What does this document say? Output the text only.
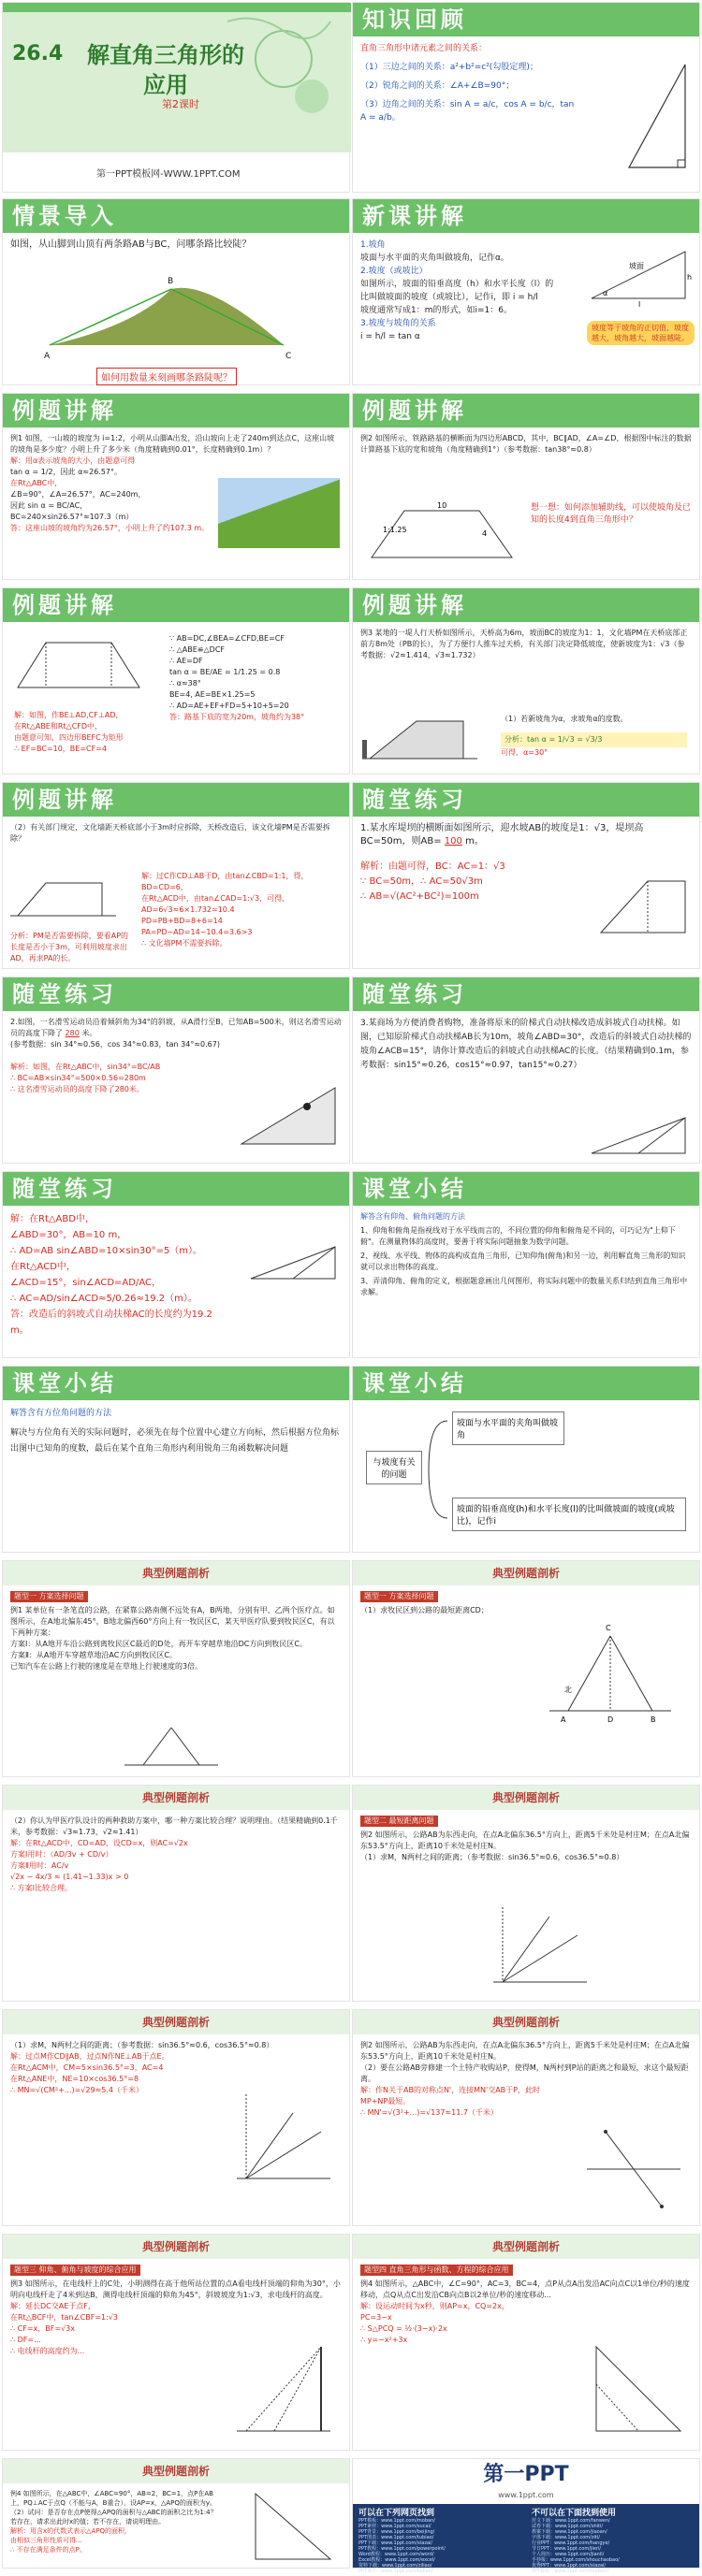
26.4 解直角三角形的
应用
第2课时
第一PPT模板网-WWW.1PPT.COM
知识回顾
直角三角形中诸元素之间的关系：
（1）三边之间的关系：a²+b²=c²(勾股定理)；
（2）锐角之间的关系：∠A+∠B=90°；
（3）边角之间的关系：sin A = a/c，cos A = b/c，tan A = a/b。
情景导入
如图，从山脚到山顶有两条路AB与BC，问哪条路比较陡？
A
B
C
如何用数量来刻画哪条路陡呢？
新课讲解
1.坡角
坡面与水平面的夹角叫做坡角，记作α。
2.坡度（或坡比）
如图所示，坡面的铅垂高度（h）和水平长度（l）的比叫做坡面的坡度（或坡比），记作i，即 i = h/l
坡度通常写成1：m的形式，如i=1：6。
3.坡度与坡角的关系
i = h/l = tan α
坡面
h
l
α
坡度等于坡角的正切值，坡度越大，坡角越大，坡面越陡。
例题讲解
例1 如图，一山坡的坡度为 i=1:2，小明从山脚A出发，沿山坡向上走了240m到达点C，这座山坡的坡角是多少度？小明上升了多少米（角度精确到0.01°，长度精确到0.1m）？
解：用α表示坡角的大小，由题意可得
tan α = 1/2，因此 α≈26.57°。
在Rt△ABC中，
∠B=90°，∠A=26.57°，AC=240m，
因此 sin α = BC/AC，
BC=240×sin26.57°≈107.3（m）
答：这座山坡的坡角约为26.57°，小明上升了约107.3 m。
例题讲解
例2 如图所示，铁路路基的横断面为四边形ABCD，其中，BC∥AD，∠A=∠D，根据图中标注的数据计算路基下底的宽和坡角（角度精确到1°）（参考数据：tan38°≈0.8）
10
1:1.25	4
想一想：如何添加辅助线，可以使坡角及已知的长度4到直角三角形中？
例题讲解
∵ AB=DC,∠BEA=∠CFD,BE=CF
∴ △ABE≌△DCF
∴ AE=DF
tan α = BE/AE = 1/1.25 = 0.8
∴ α≈38°
BE=4, AE=BE×1.25=5
∴ AD=AE+EF+FD=5+10+5=20
答：路基下底的宽为20m，坡角约为38°
解：如图，作BE⊥AD,CF⊥AD,
在Rt△ABE和Rt△CFD中，
由题意可知，四边形BEFC为矩形
∴ EF=BC=10，BE=CF=4
例题讲解
例3 某地的一堤人行天桥如图所示，天桥高为6m，坡面BC的坡度为1：1，文化墙PM在天桥底部正前方8m处（PB的长），为了方便行人推车过天桥，有关部门决定降低坡度，使新坡度为1：√3（参考数据：√2≈1.414，√3≈1.732）
（1）若新坡角为α，求坡角α的度数。
分析：tan α = 1/√3 = √3/3
可得，α=30°
例题讲解
（2）有关部门规定，文化墙距天桥底部小于3m时应拆除，天桥改造后，该文化墙PM是否需要拆除？
解：过C作CD⊥AB于D，由tan∠CBD=1:1，得，BD=CD=6，
在Rt△ACD中，由tan∠CAD=1:√3，可得，AD=6√3≈6×1.732=10.4
PD=PB+BD=8+6=14
PA=PD−AD=14−10.4=3.6>3
∴ 文化墙PM不需要拆除。
分析：PM是否需要拆除，要看AP的长度是否小于3m，可利用坡度求出AD，再求PA的长。
随堂练习
1.某水库堤坝的横断面如图所示，迎水坡AB的坡度是1：√3，堤坝高BC=50m，则AB= 100 m。
解析：由题可得，BC：AC=1：√3
∵ BC=50m，∴ AC=50√3m
∴ AB=√(AC²+BC²)=100m
随堂练习
2.如图，一名滑雪运动员沿着倾斜角为34°的斜坡，从A滑行至B，已知AB=500米，则这名滑雪运动员的高度下降了 280 米。
(参考数据：sin 34°≈0.56，cos 34°≈0.83，tan 34°≈0.67)
解析：如图，在Rt△ABC中，sin34°=BC/AB
∴ BC=AB×sin34°=500×0.56=280m
∴ 这名滑雪运动员的高度下降了280米。
随堂练习
3.某商场为方便消费者购物，准备将原来的阶梯式自动扶梯改造成斜坡式自动扶梯。如图，已知原阶梯式自动扶梯AB长为10m，坡角∠ABD=30°，改造后的斜坡式自动扶梯的坡角∠ACB=15°，请你计算改造后的斜坡式自动扶梯AC的长度。（结果精确到0.1m，参考数据：sin15°≈0.26，cos15°≈0.97，tan15°≈0.27）
随堂练习
解：在Rt△ABD中，
∠ABD=30°，AB=10 m，
∴ AD=AB sin∠ABD=10×sin30°=5（m）。
在Rt△ACD中，
∠ACD=15°，sin∠ACD=AD/AC，
∴ AC=AD/sin∠ACD≈5/0.26≈19.2（m）。
答：改造后的斜坡式自动扶梯AC的长度约为19.2 m。
课堂小结
解答含有仰角、俯角问题的方法
1、仰角和俯角是指视线对于水平线而言的，不同位置的仰角和俯角是不同的，可巧记为"上仰下俯"。在测量物体的高度时，要善于将实际问题抽象为数学问题。
2、视线、水平线、物体的高构成直角三角形，已知仰角(俯角)和另一边，利用解直角三角形的知识就可以求出物体的高度。
3、弄清仰角、俯角的定义，根据题意画出几何图形，将实际问题中的数量关系归结到直角三角形中求解。
课堂小结
解答含有方位角问题的方法
解决与方位角有关的实际问题时，必须先在每个位置中心建立方向标，然后根据方位角标出图中已知角的度数，最后在某个直角三角形内利用锐角三角函数解决问题
课堂小结
与坡度有关的问题
坡面与水平面的夹角叫做坡角
坡面的铅垂高度(h)和水平长度(l)的比叫做坡面的坡度(或坡比)，记作i
典型例题剖析
题型一 方案选择问题
例1 某单位有一条笔直的公路，在紧靠公路南侧不远处有A，B两地，分别有甲、乙两个医疗点。如图所示，在A地北偏东45°，B地北偏西60°方向上有一牧民区C，某天甲医疗队要到牧民区C，有以下两种方案：
方案Ⅰ：从A地开车沿公路到离牧民区C最近的D处，再开车穿越草地沿DC方向到牧民区C。
方案Ⅱ：从A地开车穿越草地沿AC方向到牧民区C。
已知汽车在公路上行驶的速度是在草地上行驶速度的3倍。
典型例题剖析
题型一 方案选择问题
（1）求牧民区到公路的最短距离CD；
C
A	B
D
北
典型例题剖析
（2）你认为甲医疗队设计的两种救助方案中，哪一种方案比较合理？说明理由。（结果精确到0.1千米，参考数据：√3≈1.73，√2≈1.41）
解：在Rt△ACD中，CD=AD，设CD=x，则AC=√2x
方案Ⅰ用时：（AD/3v + CD/v）
方案Ⅱ用时：AC/v
√2x − 4x/3 ≈ (1.41−1.33)x > 0
∴ 方案Ⅰ比较合理。
典型例题剖析
题型二 最短距离问题
例2 如图所示，公路AB为东西走向，在点A北偏东36.5°方向上，距离5千米处是村庄M；在点A北偏东53.5°方向上，距离10千米处是村庄N。
（1）求M，N两村之间的距离；（参考数据：sin36.5°≈0.6，cos36.5°≈0.8）
典型例题剖析
（1）求M，N两村之间的距离；（参考数据：sin36.5°≈0.6，cos36.5°≈0.8）
解：过点M作CD∥AB，过点N作NE⊥AB于点E。
在Rt△ACM中，CM=5×sin36.5°=3，AC=4
在Rt△ANE中，NE=10×cos36.5°=8
∴ MN=√(CM²+...)=√29≈5.4（千米）
典型例题剖析
例2 如图所示，公路AB为东西走向，在点A北偏东36.5°方向上，距离5千米处是村庄M；在点A北偏东53.5°方向上，距离10千米处是村庄N。
（2）要在公路AB旁修建一个土特产收购站P，使得M，N两村到P站的距离之和最短，求这个最短距离。
解：作N关于AB的对称点N'，连接MN'交AB于P，此时MP+NP最短。
∴ MN'=√(3²+...)=√137≈11.7（千米）
典型例题剖析
题型三 仰角、俯角与坡度的综合应用
例3 如图所示，在电线杆上的C处，小明测得在高于他所站位置的点A看电线杆顶端的仰角为30°，小明向电线杆走了4米到达B，测得电线杆顶端的仰角为45°，斜坡坡度为1:√3，求电线杆的高度。
解：延长DC交AE于点F，
在Rt△BCF中，tan∠CBF=1:√3
∴ CF=x，BF=√3x
∴ DF=...
∴ 电线杆的高度约为...
典型例题剖析
题型四 直角三角形与函数、方程的综合应用
例4 如图所示，△ABC中，∠C=90°，AC=3，BC=4，点P从点A出发沿AC向点C以1单位/秒的速度移动，点Q从点C出发沿CB向点B以2单位/秒的速度移动...
解：设运动时间为x秒，则AP=x，CQ=2x，
PC=3−x
∴ S△PCQ = ½·(3−x)·2x
∴ y=−x²+3x
典型例题剖析
例4 如图所示，在△ABC中，∠ABC=90°，AB=2，BC=1，点P在AB上，PQ⊥AC于点Q（不能与A，B重合），设AP=x，△APQ的面积为y。
（2）试问：是否存在点P使得△APQ的面积与△ABC的面积之比为1:4？若存在，请求出此时x的值；若不存在，请说明理由。
解析：用含x的代数式表示△APQ的面积，
由相似三角形性质可得...
∴ 不存在满足条件的点P。
第一PPT
www.1ppt.com
可以在下列网页找到
PPT模板：www.1ppt.com/moban/
PPT素材：www.1ppt.com/sucai/
PPT背景：www.1ppt.com/beijing/
PPT图表：www.1ppt.com/tubiao/
PPT下载：www.1ppt.com/xiazai/
PPT教程：www.1ppt.com/powerpoint/
Word教程：www.1ppt.com/word/
Excel教程：www.1ppt.com/excel/
资料下载：www.1ppt.com/ziliao/
PPT课件：www.1ppt.com/kejian/
不可以在下面找到使用
范文下载：www.1ppt.com/fanwen/
试卷下载：www.1ppt.com/shiti/
教案下载：www.1ppt.com/jiaoan/
字体下载：www.1ppt.com/ziti/
行业PPT：www.1ppt.com/hangye/
节日PPT：www.1ppt.com/jieri/
个人简历：www.1ppt.com/jianli/
手抄报：www.1ppt.com/shouchaobao/
优秀PPT：www.1ppt.com/xiazai/
PPT模板：www.1ppt.com/moban/
